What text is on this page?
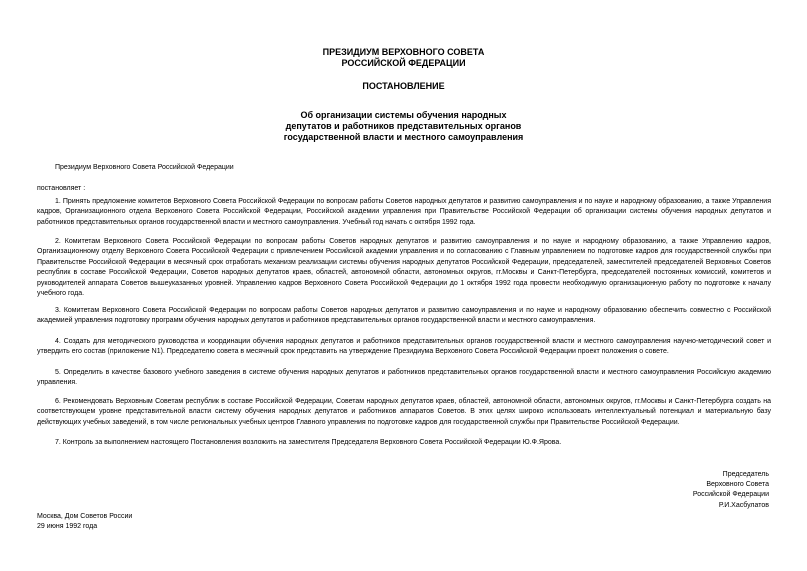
ПРЕЗИДИУМ ВЕРХОВНОГО СОВЕТА
РОССИЙСКОЙ ФЕДЕРАЦИИ
ПОСТАНОВЛЕНИЕ
Об организации системы обучения народных
депутатов и работников представительных органов
государственной власти и местного самоуправления
Президиум Верховного Совета Российской Федерации
постановляет :

1. Принять предложение комитетов Верховного Совета Российской Федерации по вопросам работы Советов народных депутатов и развитию самоуправления и по науке и народному образованию, а также Управления кадров, Организационного отдела Верховного Совета Российской Федерации, Российской академии управления при Правительстве Российской Федерации об организации системы обучения народных депутатов и работников представительных органов государственной власти и местного самоуправления. Учебный год начать с октября 1992 года.

2. Комитетам Верховного Совета Российской Федерации по вопросам работы Советов народных депутатов и развитию самоуправления и по науке и народному образованию, а также Управлению кадров, Организационному отделу Верховного Совета Российской Федерации с привлечением Российской академии управления и по согласованию с Главным управлением по подготовке кадров для государственной службы при Правительстве Российской Федерации в месячный срок отработать механизм реализации системы обучения народных депутатов Российской Федерации, председателей, заместителей председателей Верховных Советов республик в составе Российской Федерации, Советов народных депутатов краев, областей, автономной области, автономных округов, гг.Москвы и Санкт-Петербурга, председателей постоянных комиссий, комитетов и руководителей аппарата Советов вышеуказанных уровней. Управлению кадров Верховного Совета Российской Федерации до 1 октября 1992 года провести необходимую организационную работу по подготовке к началу учебного года.

3. Комитетам Верховного Совета Российской Федерации по вопросам работы Советов народных депутатов и развитию самоуправления и по науке и народному образованию обеспечить совместно с Российской академией управления подготовку программ обучения народных депутатов и работников представительных органов государственной власти и местного самоуправления.

4. Создать для методического руководства и координации обучения народных депутатов и работников представительных органов государственной власти и местного самоуправления научно-методический совет и утвердить его состав (приложение N1). Председателю совета в месячный срок представить на утверждение Президиума Верховного Совета Российской Федерации проект положения о совете.

5. Определить в качестве базового учебного заведения в системе обучения народных депутатов и работников представительных органов государственной власти и местного самоуправления Российскую академию управления.

6. Рекомендовать Верховным Советам республик в составе Российской Федерации, Советам народных депутатов краев, областей, автономной области, автономных округов, гг.Москвы и Санкт-Петербурга создать на соответствующем уровне представительной власти систему обучения народных депутатов и работников аппаратов Советов. В этих целях широко использовать интеллектуальный потенциал и материальную базу действующих учебных заведений, в том числе региональных учебных центров Главного управления по подготовке кадров для государственной службы при Правительстве Российской Федерации.

7. Контроль за выполнением настоящего Постановления возложить на заместителя Председателя Верховного Совета Российской Федерации Ю.Ф.Ярова.

Председатель
Верховного Совета
Российской Федерации
Р.И.Хасбулатов
Москва, Дом Советов России
29 июня 1992 года
